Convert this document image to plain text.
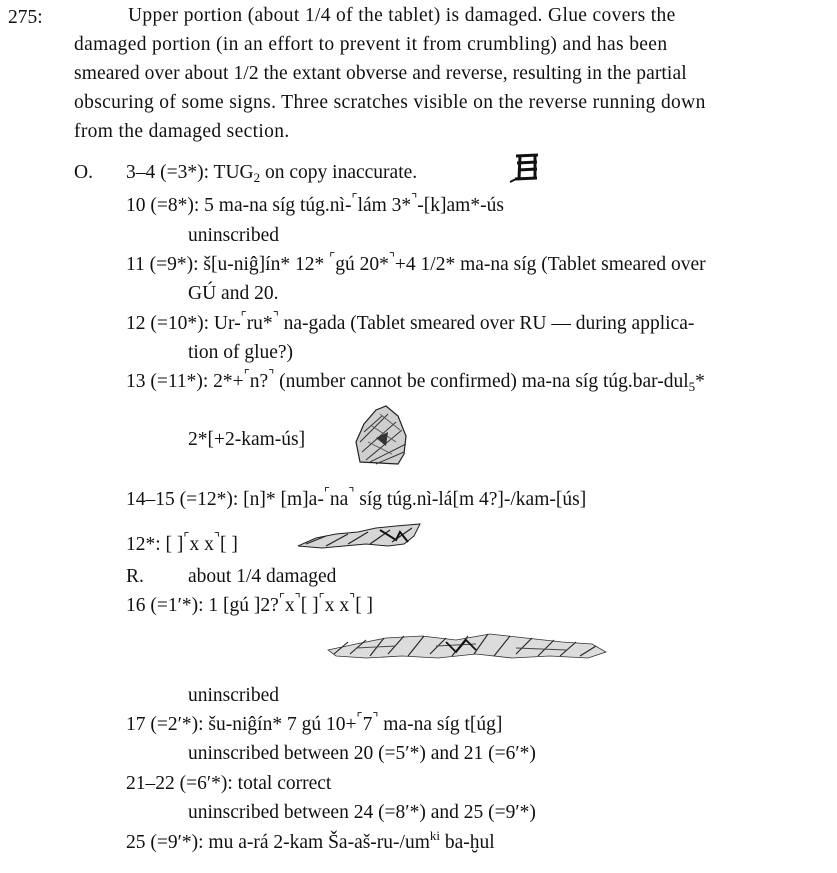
275:	Upper portion (about 1/4 of the tablet) is damaged. Glue covers the
damaged portion (in an effort to prevent it from crumbling) and has been
smeared over about 1/2 the extant obverse and reverse, resulting in the partial
obscuring of some signs. Three scratches visible on the reverse running down
from the damaged section.
O. 3–4 (=3*): $TUG_2$ on copy inaccurate.
10 (=8*): 5 ma-na síg túg.nì-⌜lám 3*⌝-[k]am*-ús
uninscribed
11 (=9*): š[u-niĝ]ín* 12* ⌜gú 20*⌝+4 1/2* ma-na síg (Tablet smeared over
GÚ and 20.
12 (=10*): Ur-⌜ru*⌝ na-gada (Tablet smeared over RU — during applica-
tion of glue?)
13 (=11*): 2*+⌜n?⌝ (number cannot be confirmed) ma-na síg túg.bar-dul$_5$*
2*[+2-kam-ús]
14–15 (=12*): [n]* [m]a-⌜na⌝ síg túg.nì-lá[m 4?]-/kam-[ús]
12*: [ ]⌜x x⌝[ ]
R. about 1/4 damaged
16 (=1′*): 1 [gú ]2?⌜x⌝[ ]⌜x x⌝[ ]
uninscribed
17 (=2′*): šu-niĝín* 7 gú 10+⌜7⌝ ma-na síg t[úg]
uninscribed between 20 (=5′*) and 21 (=6′*)
21–22 (=6′*): total correct
uninscribed between 24 (=8′*) and 25 (=9′*)
25 (=9′*): mu a-rá 2-kam $Ša-aš-ru-/um^{ki}$ ba-ḫul
